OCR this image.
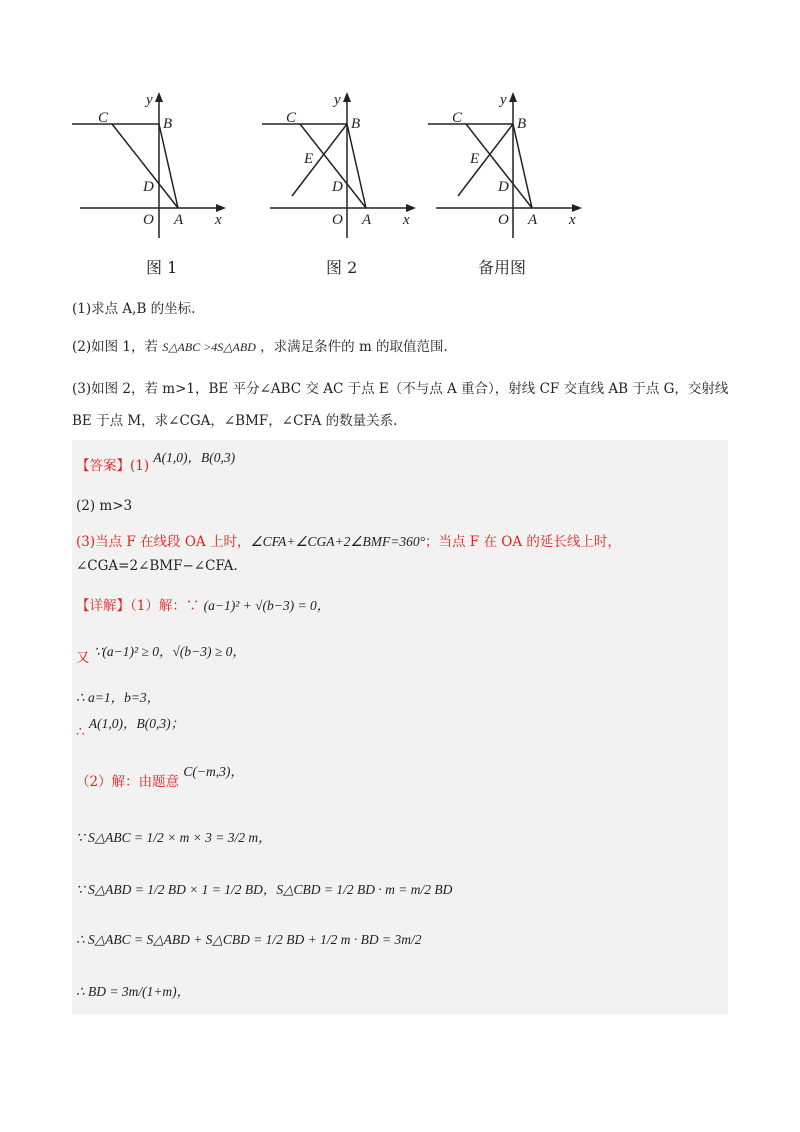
C
y
B
D
O A x
C
y
B
E
D
O A x
C
y
B
E
D
O A x
图 1	图 2	备用图
(1)求点 A,B 的坐标.
(2)如图 1，若 S△ABC >4S△ABD ，求满足条件的 m 的取值范围.
(3)如图 2，若 m>1，BE 平分∠ABC 交 AC 于点 E（不与点 A 重合），射线 CF 交直线 AB 于点 G，交射线
BE 于点 M，求∠CGA，∠BMF，∠CFA 的数量关系.
【答案】(1) A(1,0)，B(0,3)
(2) m>3
(3)当点 F 在线段 OA 上时，∠CFA+∠CGA+2∠BMF=360°；当点 F 在 OA 的延长线上时，
∠CGA=2∠BMF−∠CFA.
【详解】（1）解：∵ (a−1)² + √(b−3) = 0，
又 ∵(a−1)² ≥ 0，√(b−3) ≥ 0，
∴ a=1，b=3，
∴ A(1,0)，B(0,3)；
（2）解：由题意 C(−m,3)，
∵ S△ABC = 1/2 × m × 3 = 3/2 m，
∵ S△ABD = 1/2 BD × 1 = 1/2 BD，S△CBD = 1/2 BD · m = m/2 BD
∴ S△ABC = S△ABD + S△CBD = 1/2 BD + 1/2 m · BD = 3m/2
∴ BD = 3m/(1+m)，
